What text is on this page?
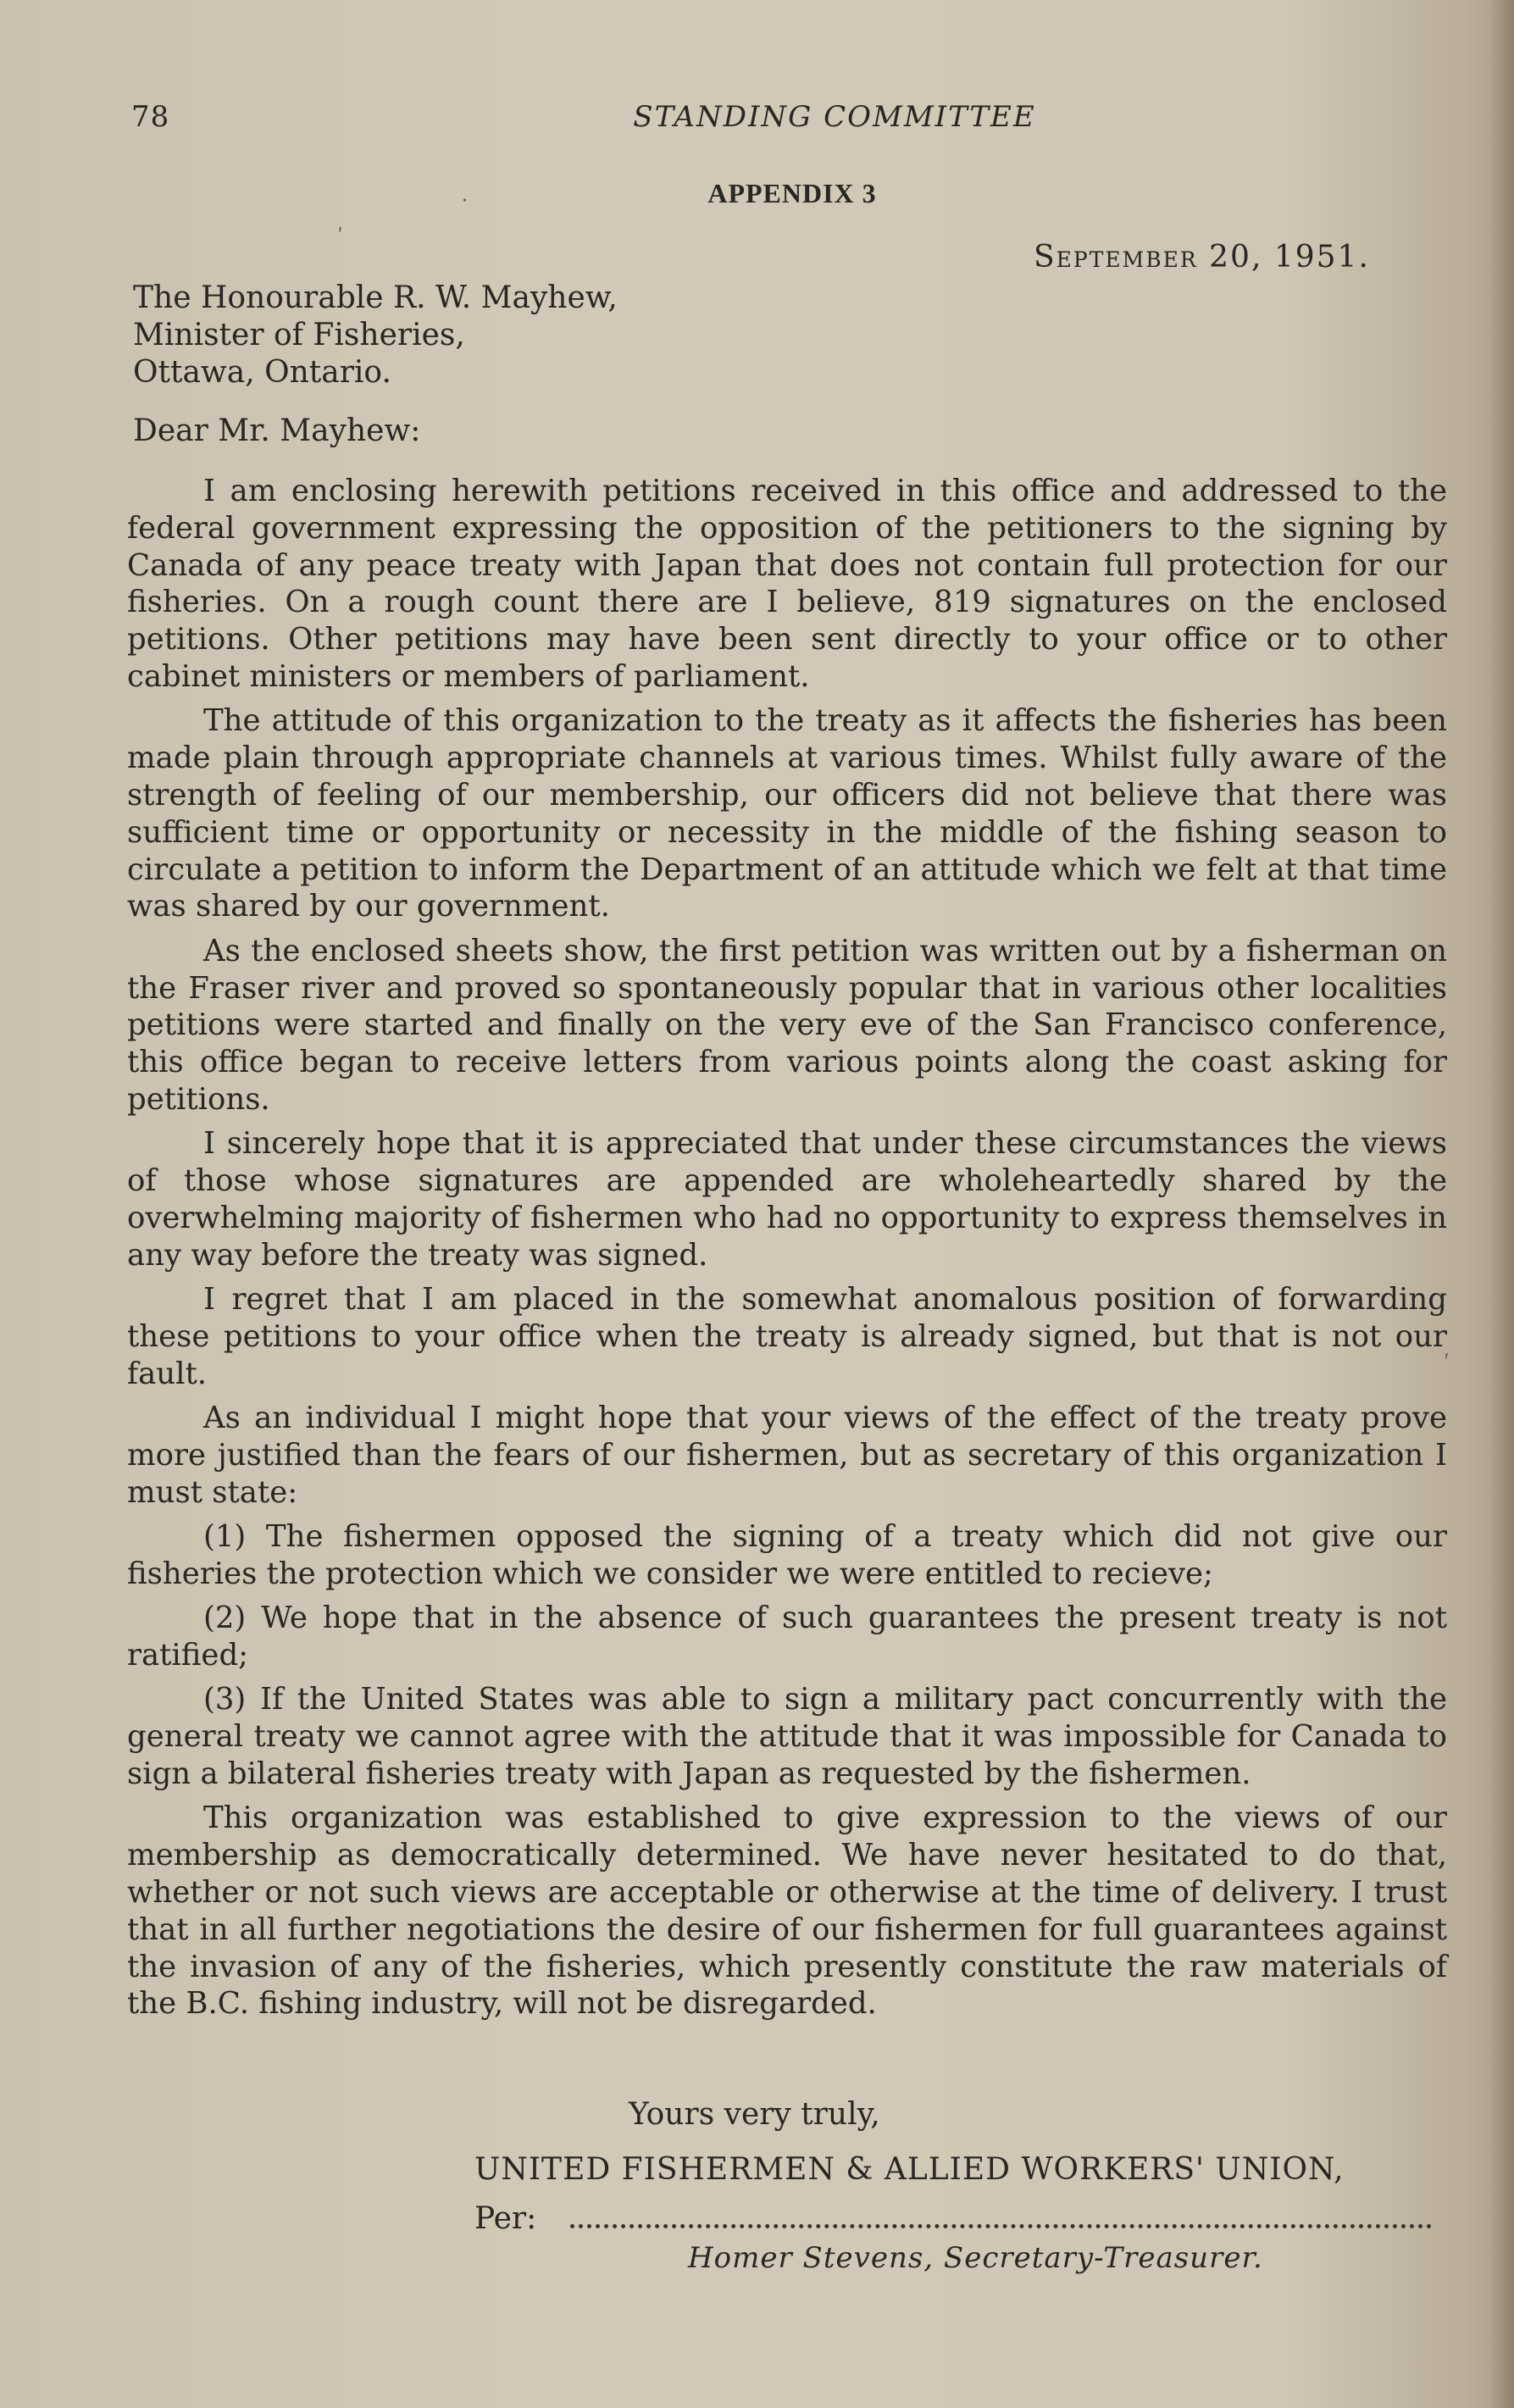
·
´
´
78	STANDING COMMITTEE
APPENDIX 3
September 20, 1951.
The Honourable R. W. Mayhew,
Minister of Fisheries,
Ottawa, Ontario.
Dear Mr. Mayhew:

I am enclosing herewith petitions received in this office and addressed to the federal government expressing the opposition of the petitioners to the signing by Canada of any peace treaty with Japan that does not contain full protection for our fisheries. On a rough count there are I believe, 819 signatures on the enclosed petitions. Other petitions may have been sent directly to your office or to other cabinet ministers or members of parliament.

The attitude of this organization to the treaty as it affects the fisheries has been made plain through appropriate channels at various times. Whilst fully aware of the strength of feeling of our membership, our officers did not believe that there was sufficient time or opportunity or necessity in the middle of the fishing season to circulate a petition to inform the Department of an attitude which we felt at that time was shared by our government.

As the enclosed sheets show, the first petition was written out by a fisherman on the Fraser river and proved so spontaneously popular that in various other localities petitions were started and finally on the very eve of the San Francisco conference, this office began to receive letters from various points along the coast asking for petitions.

I sincerely hope that it is appreciated that under these circumstances the views of those whose signatures are appended are wholeheartedly shared by the overwhelming majority of fishermen who had no opportunity to express themselves in any way before the treaty was signed.

I regret that I am placed in the somewhat anomalous position of forwarding these petitions to your office when the treaty is already signed, but that is not our fault.

As an individual I might hope that your views of the effect of the treaty prove more justified than the fears of our fishermen, but as secretary of this organization I must state:

(1) The fishermen opposed the signing of a treaty which did not give our fisheries the protection which we consider we were entitled to recieve;

(2) We hope that in the absence of such guarantees the present treaty is not ratified;

(3) If the United States was able to sign a military pact concurrently with the general treaty we cannot agree with the attitude that it was impossible for Canada to sign a bilateral fisheries treaty with Japan as requested by the fishermen.

This organization was established to give expression to the views of our membership as democratically determined. We have never hesitated to do that, whether or not such views are acceptable or otherwise at the time of delivery. I trust that in all further negotiations the desire of our fishermen for full guarantees against the invasion of any of the fisheries, which presently constitute the raw materials of the B.C. fishing industry, will not be disregarded.

Yours very truly,
UNITED FISHERMEN & ALLIED WORKERS' UNION,
Per:
Homer Stevens, Secretary-Treasurer.
